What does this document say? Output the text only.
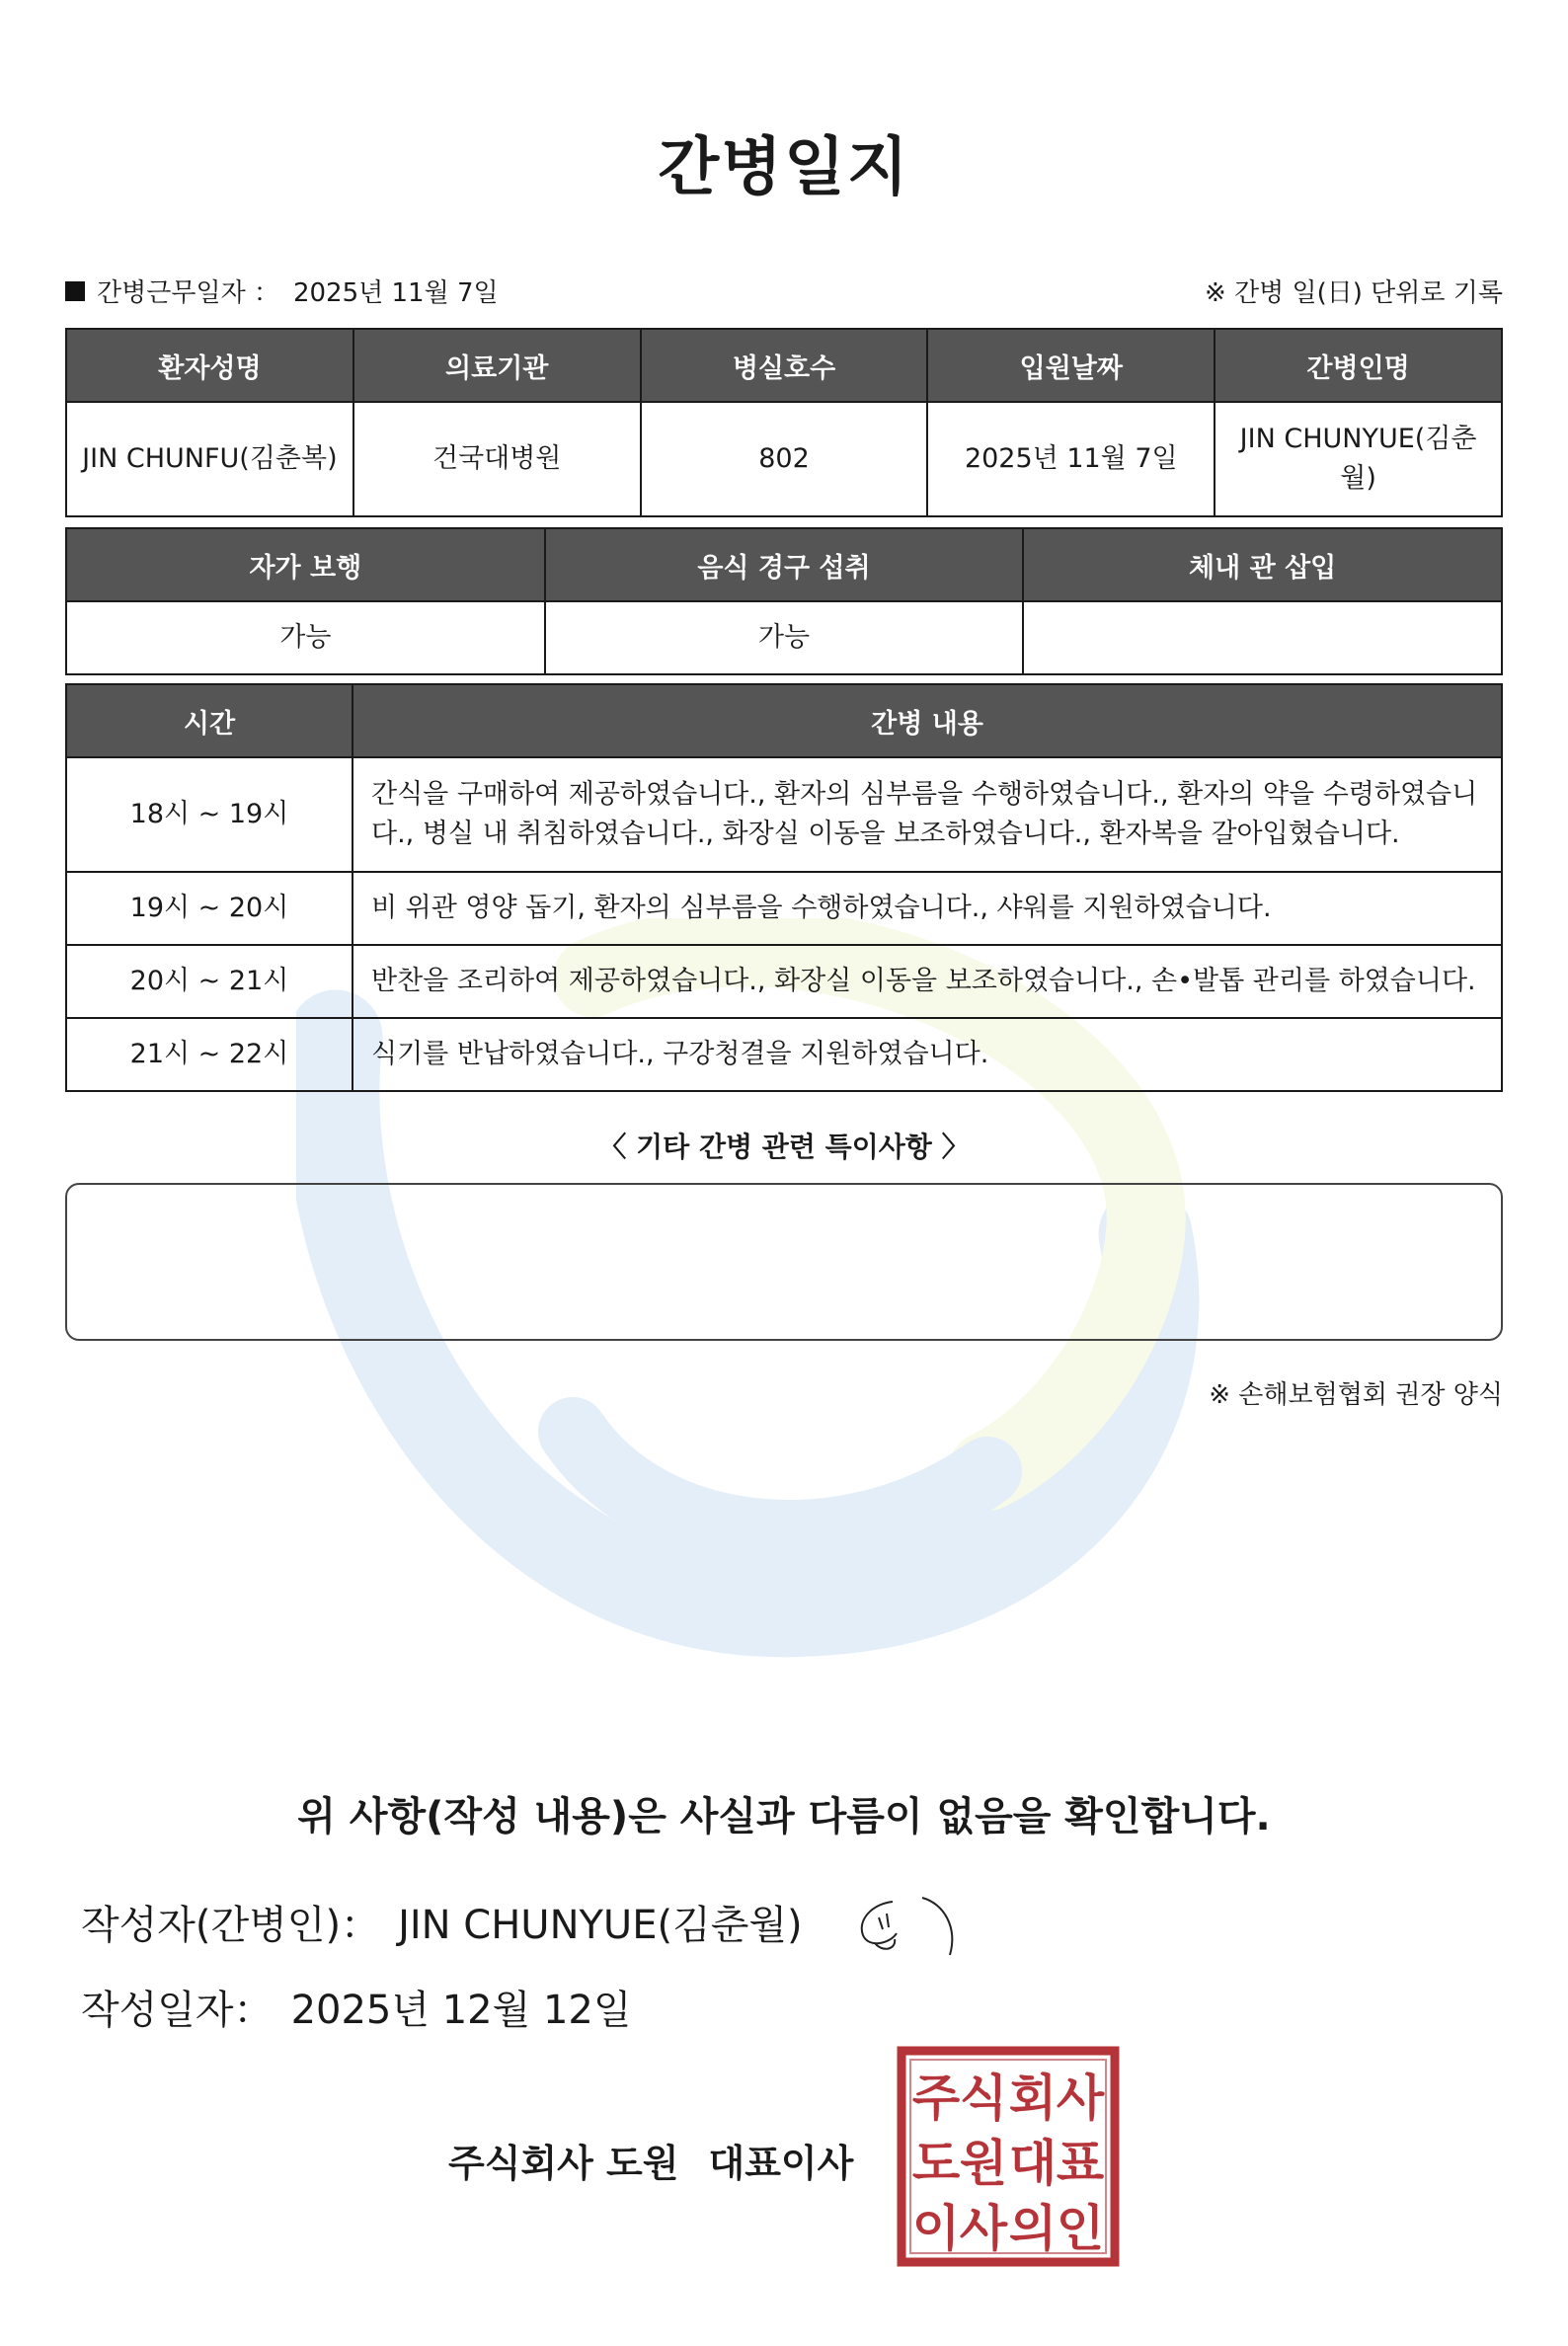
간병일지
간병근무일자 ： 2025년 11월 7일	※ 간병 일(日) 단위로 기록
환자성명	의료기관	병실호수	입원날짜	간병인명
JIN CHUNFU(김춘복)	건국대병원	802	2025년 11월 7일	JIN CHUNYUE(김춘월)
자가 보행	음식 경구 섭취	체내 관 삽입
가능	가능	
시간	간병 내용
18시 ~ 19시	간식을 구매하여 제공하였습니다., 환자의 심부름을 수행하였습니다., 환자의 약을 수령하였습니다., 병실 내 취침하였습니다., 화장실 이동을 보조하였습니다., 환자복을 갈아입혔습니다.
19시 ~ 20시	비 위관 영양 돕기, 환자의 심부름을 수행하였습니다., 샤워를 지원하였습니다.
20시 ~ 21시	반찬을 조리하여 제공하였습니다., 화장실 이동을 보조하였습니다., 손•발톱 관리를 하였습니다.
21시 ~ 22시	식기를 반납하였습니다., 구강청결을 지원하였습니다.
〈 기타 간병 관련 특이사항 〉
※ 손해보험협회 권장 양식
위 사항(작성 내용)은 사실과 다름이 없음을 확인합니다.
작성자(간병인)： JIN CHUNYUE(김춘월)
작성일자： 2025년 12월 12일
주식회사 도원 대표이사
주 식 회 사
도 원 대 표
이 사 의 인
